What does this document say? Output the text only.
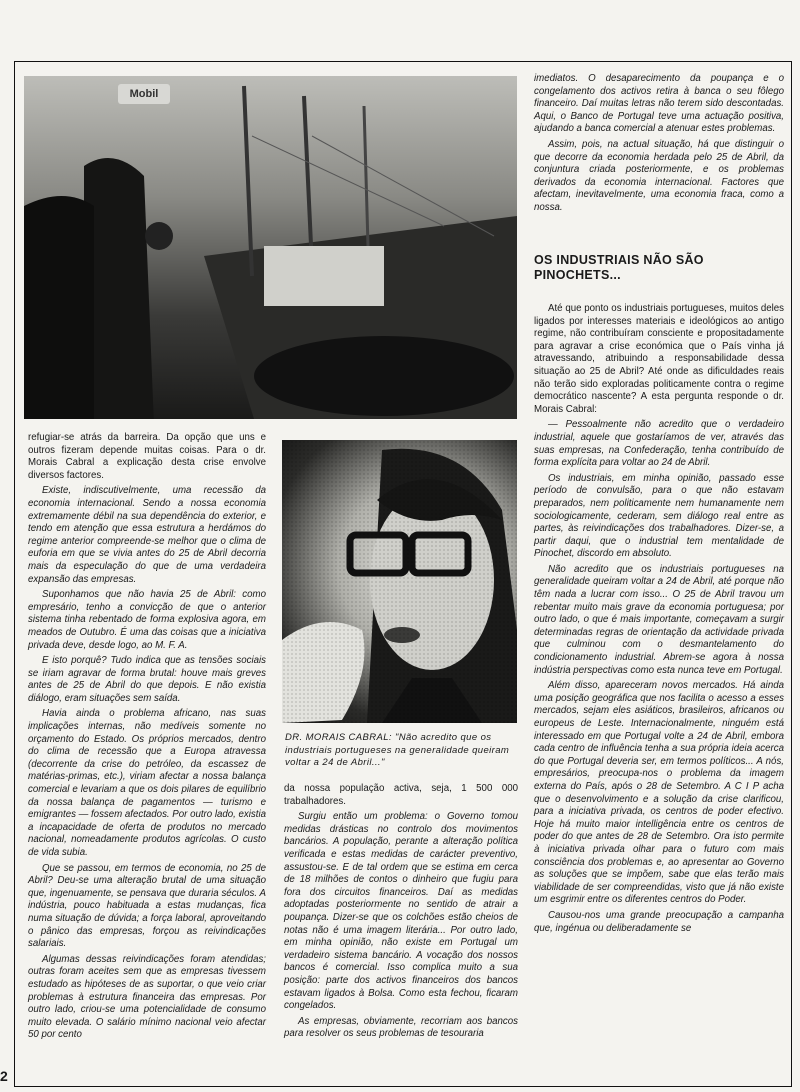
Mobil

imediatos. O desaparecimento da poupança e o congelamento dos activos retira à banca o seu fôlego financeiro. Daí muitas letras não terem sido descontadas. Aqui, o Banco de Portugal teve uma actuação positiva, ajudando a banca comercial a atenuar estes problemas.

Assim, pois, na actual situação, há que distinguir o que decorre da economia herdada pelo 25 de Abril, da conjuntura criada posteriormente, e os problemas derivados da economia internacional. Factores que afectam, inevitavelmente, uma economia fraca, como a nossa.

OS INDUSTRIAIS NÃO SÃO PINOCHETS...

Até que ponto os industriais portugueses, muitos deles ligados por interesses materiais e ideológicos ao antigo regime, não contribuíram consciente e propositadamente para agravar a crise económica que o País vinha já atravessando, atribuindo a responsabilidade dessa situação ao 25 de Abril? Até onde as dificuldades reais não terão sido exploradas politicamente contra o regime democrático nascente? A esta pergunta responde o dr. Morais Cabral:

— Pessoalmente não acredito que o verdadeiro industrial, aquele que gostaríamos de ver, através das suas empresas, na Confederação, tenha contribuído de forma explícita para voltar ao 24 de Abril.

Os industriais, em minha opinião, passado esse período de convulsão, para o que não estavam preparados, nem politicamente nem humanamente nem sociologicamente, cederam, sem diálogo real entre as partes, às reivindicações dos trabalhadores. Dizer-se, a partir daqui, que o industrial tem mentalidade de Pinochet, discordo em absoluto.

Não acredito que os industriais portugueses na generalidade queiram voltar a 24 de Abril, até porque não têm nada a lucrar com isso... O 25 de Abril travou um rebentar muito mais grave da economia portuguesa; por outro lado, o que é mais importante, começavam a surgir determinadas regras de orientação da actividade privada que culminou com o desmantelamento do condicionamento industrial. Abrem-se agora à nossa indústria perspectivas como esta nunca teve em Portugal.

Além disso, apareceram novos mercados. Há ainda uma posição geográfica que nos facilita o acesso a esses mercados, sejam eles asiáticos, brasileiros, africanos ou europeus de Leste. Internacionalmente, ninguém está interessado em que Portugal volte a 24 de Abril, embora cada centro de influência tenha a sua própria ideia acerca do que Portugal deveria ser, em termos políticos... A nós, empresários, preocupa-nos o problema da imagem externa do País, após o 28 de Setembro. A C I P acha que o desenvolvimento e a solução da crise clarificou, para a iniciativa privada, os centros de poder efectivo. Hoje há muito maior intelligência entre os centros de poder do que antes de 28 de Setembro. Ora isto permite à iniciativa privada olhar para o futuro com mais consciência dos problemas e, ao apresentar ao Governo as soluções que se impõem, sabe que elas terão mais viabilidade de ser compreendidas, visto que já não existe um esgrimir entre os diferentes centros do Poder.

Causou-nos uma grande preocupação a campanha que, ingénua ou deliberadamente se

refugiar-se atrás da barreira. Da opção que uns e outros fizeram depende muitas coisas. Para o dr. Morais Cabral a explicação desta crise envolve diversos factores.

Existe, indiscutivelmente, uma recessão da economia internacional. Sendo a nossa economia extremamente débil na sua dependência do exterior, e tendo em atenção que essa estrutura a herdámos do regime anterior compreende-se melhor que o clima de euforia em que se vivia antes do 25 de Abril decorria mais da especulação do que de uma verdadeira expansão das empresas.

Suponhamos que não havia 25 de Abril: como empresário, tenho a convicção de que o anterior sistema tinha rebentado de forma explosiva agora, em meados de Outubro. É uma das coisas que a iniciativa privada deve, desde logo, ao M. F. A.

E isto porquê? Tudo indica que as tensões sociais se iriam agravar de forma brutal: houve mais greves antes de 25 de Abril do que depois. E não existia diálogo, eram situações sem saída.

Havia ainda o problema africano, nas suas implicações internas, não medíveis somente no orçamento do Estado. Os próprios mercados, dentro do clima de recessão que a Europa atravessa (decorrente da crise do petróleo, da escassez de matérias-primas, etc.), viriam afectar a nossa balança comercial e levariam a que os dois pilares de equilíbrio da nossa balança de pagamentos — turismo e emigrantes — fossem afectados. Por outro lado, existia a incapacidade de oferta de produtos no mercado nacional, nomeadamente produtos agrícolas. O custo de vida subia.

Que se passou, em termos de economia, no 25 de Abril? Deu-se uma alteração brutal de uma situação que, ingenuamente, se pensava que duraria séculos. A indústria, pouco habituada a estas mudanças, fica numa situação de dúvida; a força laboral, aproveitando o pânico das empresas, forçou as reivindicações salariais.

Algumas dessas reivindicações foram atendidas; outras foram aceites sem que as empresas tivessem estudado as hipóteses de as suportar, o que veio criar problemas à estrutura financeira das empresas. Por outro lado, criou-se uma potencialidade de consumo muito elevada. O salário mínimo nacional veio afectar 50 por cento

DR. MORAIS CABRAL: "Não acredito que os industriais portugueses na generalidade queiram voltar a 24 de Abril..."

da nossa população activa, seja, 1 500 000 trabalhadores.

Surgiu então um problema: o Governo tomou medidas drásticas no controlo dos movimentos bancários. A população, perante a alteração política verificada e estas medidas de carácter preventivo, assustou-se. E de tal ordem que se estima em cerca de 18 milhões de contos o dinheiro que fugiu para fora dos circuitos financeiros. Daí as medidas adoptadas posteriormente no sentido de atrair a poupança. Dizer-se que os colchões estão cheios de notas não é uma imagem literária... Por outro lado, em minha opinião, não existe em Portugal um verdadeiro sistema bancário. A vocação dos nossos bancos é comercial. Isso complica muito a sua posição: parte dos activos financeiros dos bancos estavam ligados à Bolsa. Como esta fechou, ficaram congelados.

As empresas, obviamente, recorriam aos bancos para resolver os seus problemas de tesouraria

2
